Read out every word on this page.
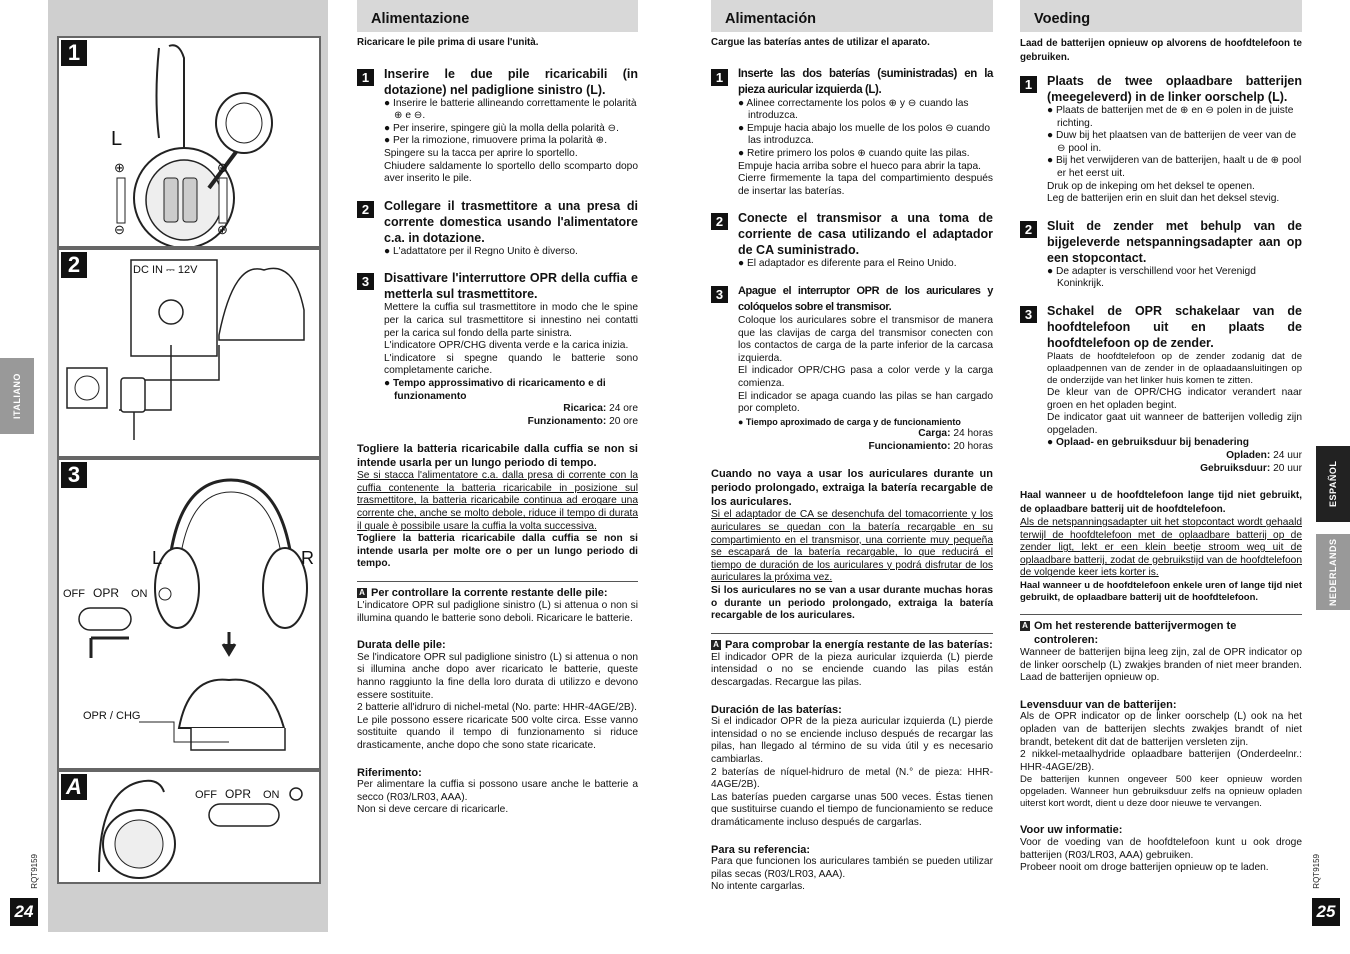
1
L
⊕
⊖
⊖
⊕
2	DC IN ⎓ 12V
3
L	R
OFF OPR ON
OPR / CHG
A	OFF OPR ON
ITALIANO
ESPAÑOL
NEDERLANDS
RQT9159	RQT9159
24	25
Alimentazione
Ricaricare le pile prima di usare l'unità.
1	Inserire le due pile ricaricabili (in dotazione) nel padiglione sinistro (L).
● Inserire le batterie allineando correttamente le polarità ⊕ e ⊖.
● Per inserire, spingere giù la molla della polarità ⊖.
● Per la rimozione, rimuovere prima la polarità ⊕.
Spingere su la tacca per aprire lo sportello.
Chiudere saldamente lo sportello dello scomparto dopo aver inserito le pile.
2	Collegare il trasmettitore a una presa di corrente domestica usando l'alimentatore c.a. in dotazione.
● L'adattatore per il Regno Unito è diverso.
3	Disattivare l'interruttore OPR della cuffia e metterla sul trasmettitore.
Mettere la cuffia sul trasmettitore in modo che le spine per la carica sul trasmettitore si innestino nei contatti per la carica sul fondo della parte sinistra.
L'indicatore OPR/CHG diventa verde e la carica inizia.
L'indicatore si spegne quando le batterie sono completamente cariche.
● Tempo approssimativo di ricaricamento e di funzionamento
Ricarica: 24 ore
Funzionamento: 20 ore
Togliere la batteria ricaricabile dalla cuffia se non si intende usarla per un lungo periodo di tempo.
Se si stacca l'alimentatore c.a. dalla presa di corrente con la cuffia contenente la batteria ricaricabile in posizione sul trasmettitore, la batteria ricaricabile continua ad erogare una corrente che, anche se molto debole, riduce il tempo di durata il quale è possibile usare la cuffia la volta successiva.
Togliere la batteria ricaricabile dalla cuffia se non si intende usarla per molte ore o per un lungo periodo di tempo.
A Per controllare la corrente restante delle pile:
L'indicatore OPR sul padiglione sinistro (L) si attenua o non si illumina quando le batterie sono deboli. Ricaricare le batterie.
Durata delle pile:
Se l'indicatore OPR sul padiglione sinistro (L) si attenua o non si illumina anche dopo aver ricaricato le batterie, queste hanno raggiunto la fine della loro durata di utilizzo e devono essere sostituite.
2 batterie all'idruro di nichel-metal (No. parte: HHR-4AGE/2B).
Le pile possono essere ricaricate 500 volte circa. Esse vanno sostituite quando il tempo di funzionamento si riduce drasticamente, anche dopo che sono state ricaricate.
Riferimento:
Per alimentare la cuffia si possono usare anche le batterie a secco (R03/LR03, AAA).
Non si deve cercare di ricaricarle.
Alimentación
Cargue las baterías antes de utilizar el aparato.
1	Inserte las dos baterías (suministradas) en la pieza auricular izquierda (L).
● Alinee correctamente los polos ⊕ y ⊖ cuando las introduzca.
● Empuje hacia abajo los muelle de los polos ⊖ cuando las introduzca.
● Retire primero los polos ⊕ cuando quite las pilas.
Empuje hacia arriba sobre el hueco para abrir la tapa.
Cierre firmemente la tapa del compartimiento después de insertar las baterías.
2	Conecte el transmisor a una toma de corriente de casa utilizando el adaptador de CA suministrado.
● El adaptador es diferente para el Reino Unido.
3	Apague el interruptor OPR de los auriculares y colóquelos sobre el transmisor.
Coloque los auriculares sobre el transmisor de manera que las clavijas de carga del transmisor conecten con los contactos de carga de la parte inferior de la carcasa izquierda.
El indicador OPR/CHG pasa a color verde y la carga comienza.
El indicador se apaga cuando las pilas se han cargado por completo.
● Tiempo aproximado de carga y de funcionamiento
Carga: 24 horas
Funcionamiento: 20 horas
Cuando no vaya a usar los auriculares durante un periodo prolongado, extraiga la batería recargable de los auriculares.
Si el adaptador de CA se desenchufa del tomacorriente y los auriculares se quedan con la batería recargable en su compartimiento en el transmisor, una corriente muy pequeña se escapará de la batería recargable, lo que reducirá el tiempo de duración de los auriculares y podrá disfrutar de los auriculares la próxima vez.
Si los auriculares no se van a usar durante muchas horas o durante un periodo prolongado, extraiga la batería recargable de los auriculares.
A Para comprobar la energía restante de las baterías:
El indicador OPR de la pieza auricular izquierda (L) pierde intensidad o no se enciende cuando las pilas están descargadas. Recargue las pilas.
Duración de las baterías:
Si el indicador OPR de la pieza auricular izquierda (L) pierde intensidad o no se enciende incluso después de recargar las pilas, han llegado al término de su vida útil y es necesario cambiarlas.
2 baterías de níquel-hidruro de metal (N.° de pieza: HHR-4AGE/2B).
Las baterías pueden cargarse unas 500 veces. Éstas tienen que sustituirse cuando el tiempo de funcionamiento se reduce dramáticamente incluso después de cargarlas.
Para su referencia:
Para que funcionen los auriculares también se pueden utilizar pilas secas (R03/LR03, AAA).
No intente cargarlas.
Voeding
Laad de batterijen opnieuw op alvorens de hoofdtelefoon te gebruiken.
1	Plaats de twee oplaadbare batterijen (meegeleverd) in de linker oorschelp (L).
● Plaats de batterijen met de ⊕ en ⊖ polen in de juiste richting.
● Duw bij het plaatsen van de batterijen de veer van de ⊖ pool in.
● Bij het verwijderen van de batterijen, haalt u de ⊕ pool er het eerst uit.
Druk op de inkeping om het deksel te openen.
Leg de batterijen erin en sluit dan het deksel stevig.
2	Sluit de zender met behulp van de bijgeleverde netspanningsadapter aan op een stopcontact.
● De adapter is verschillend voor het Verenigd Koninkrijk.
3	Schakel de OPR schakelaar van de hoofdtelefoon uit en plaats de hoofdtelefoon op de zender.
Plaats de hoofdtelefoon op de zender zodanig dat de oplaadpennen van de zender in de oplaadaansluitingen op de onderzijde van het linker huis komen te zitten.
De kleur van de OPR/CHG indicator verandert naar groen en het opladen begint.
De indicator gaat uit wanneer de batterijen volledig zijn opgeladen.
● Oplaad- en gebruiksduur bij benadering
Opladen: 24 uur
Gebruiksduur: 20 uur
Haal wanneer u de hoofdtelefoon lange tijd niet gebruikt, de oplaadbare batterij uit de hoofdtelefoon.
Als de netspanningsadapter uit het stopcontact wordt gehaald terwijl de hoofdtelefoon met de oplaadbare batterij op de zender ligt, lekt er een klein beetje stroom weg uit de oplaadbare batterij, zodat de gebruikstijd van de hoofdtelefoon de volgende keer iets korter is.
Haal wanneer u de hoofdtelefoon enkele uren of lange tijd niet gebruikt, de oplaadbare batterij uit de hoofdtelefoon.
A Om het resterende batterijvermogen te controleren:
Wanneer de batterijen bijna leeg zijn, zal de OPR indicator op de linker oorschelp (L) zwakjes branden of niet meer branden. Laad de batterijen opnieuw op.
Levensduur van de batterijen:
Als de OPR indicator op de linker oorschelp (L) ook na het opladen van de batterijen slechts zwakjes brandt of niet brandt, betekent dit dat de batterijen versleten zijn.
2 nikkel-metaalhydride oplaadbare batterijen (Onderdeelnr.: HHR-4AGE/2B).
De batterijen kunnen ongeveer 500 keer opnieuw worden opgeladen. Wanneer hun gebruiksduur zelfs na opnieuw opladen uiterst kort wordt, dient u deze door nieuwe te vervangen.
Voor uw informatie:
Voor de voeding van de hoofdtelefoon kunt u ook droge batterijen (R03/LR03, AAA) gebruiken.
Probeer nooit om droge batterijen opnieuw op te laden.
